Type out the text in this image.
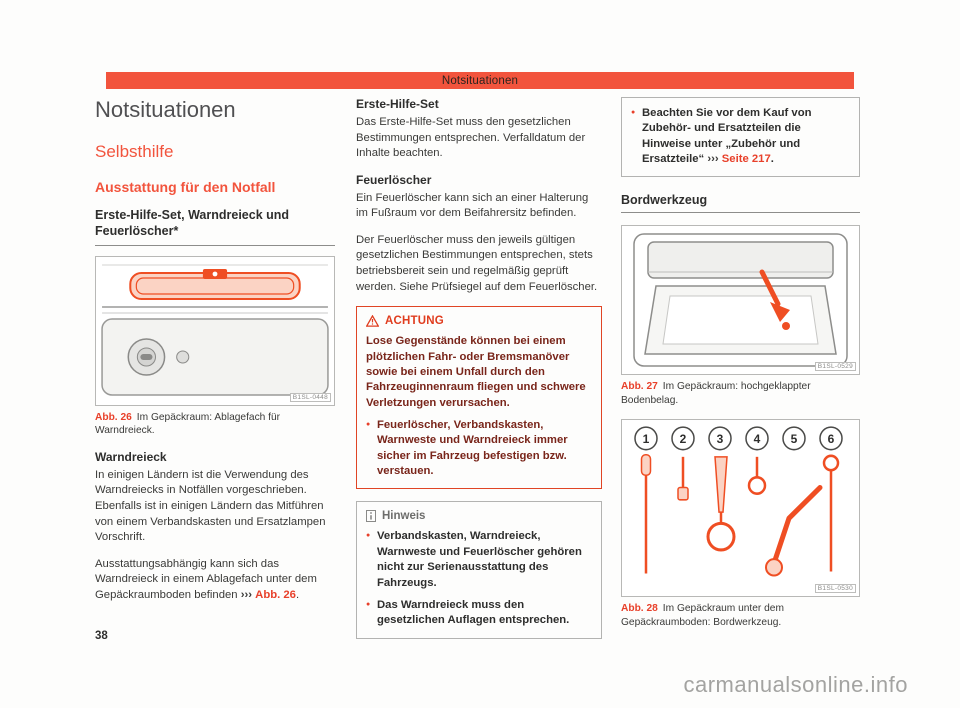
Notsituationen
Notsituationen
Selbsthilfe
Ausstattung für den Notfall
Erste-Hilfe-Set, Warndreieck und Feuerlöscher*
B1SL-0448
Abb. 26 Im Gepäckraum: Ablagefach für Warndreieck.
Warndreieck

In einigen Ländern ist die Verwendung des Warndreiecks in Notfällen vorgeschrieben. Ebenfalls ist in einigen Ländern das Mitführen von einem Verbandskasten und Ersatzlampen Vorschrift.

Ausstattungsabhängig kann sich das Warndreieck in einem Ablagefach unter dem Gepäckraumboden befinden ››› Abb. 26.

Erste-Hilfe-Set

Das Erste-Hilfe-Set muss den gesetzlichen Bestimmungen entsprechen. Verfalldatum der Inhalte beachten.

Feuerlöscher

Ein Feuerlöscher kann sich an einer Halterung im Fußraum vor dem Beifahrersitz befinden.

Der Feuerlöscher muss den jeweils gültigen gesetzlichen Bestimmungen entsprechen, stets betriebsbereit sein und regelmäßig geprüft werden. Siehe Prüfsiegel auf dem Feuerlöscher.

ACHTUNG
Lose Gegenstände können bei einem plötzlichen Fahr- oder Bremsmanöver sowie bei einem Unfall durch den Fahrzeuginnenraum fliegen und schwere Verletzungen verursachen.
● Feuerlöscher, Verbandskasten, Warnweste und Warndreieck immer sicher im Fahrzeug befestigen bzw. verstauen.
Hinweis
● Verbandskasten, Warndreieck, Warnweste und Feuerlöscher gehören nicht zur Serienausstattung des Fahrzeugs.
● Das Warndreieck muss den gesetzlichen Auflagen entsprechen.
● Beachten Sie vor dem Kauf von Zubehör- und Ersatzteilen die Hinweise unter „Zubehör und Ersatzteile“ ››› Seite 217.
Bordwerkzeug
B1SL-0529
Abb. 27 Im Gepäckraum: hochgeklappter Bodenbelag.
1	2	3	4	5	6
B1SL-0530
Abb. 28 Im Gepäckraum unter dem Gepäckraumboden: Bordwerkzeug.
38
carmanualsonline.info
